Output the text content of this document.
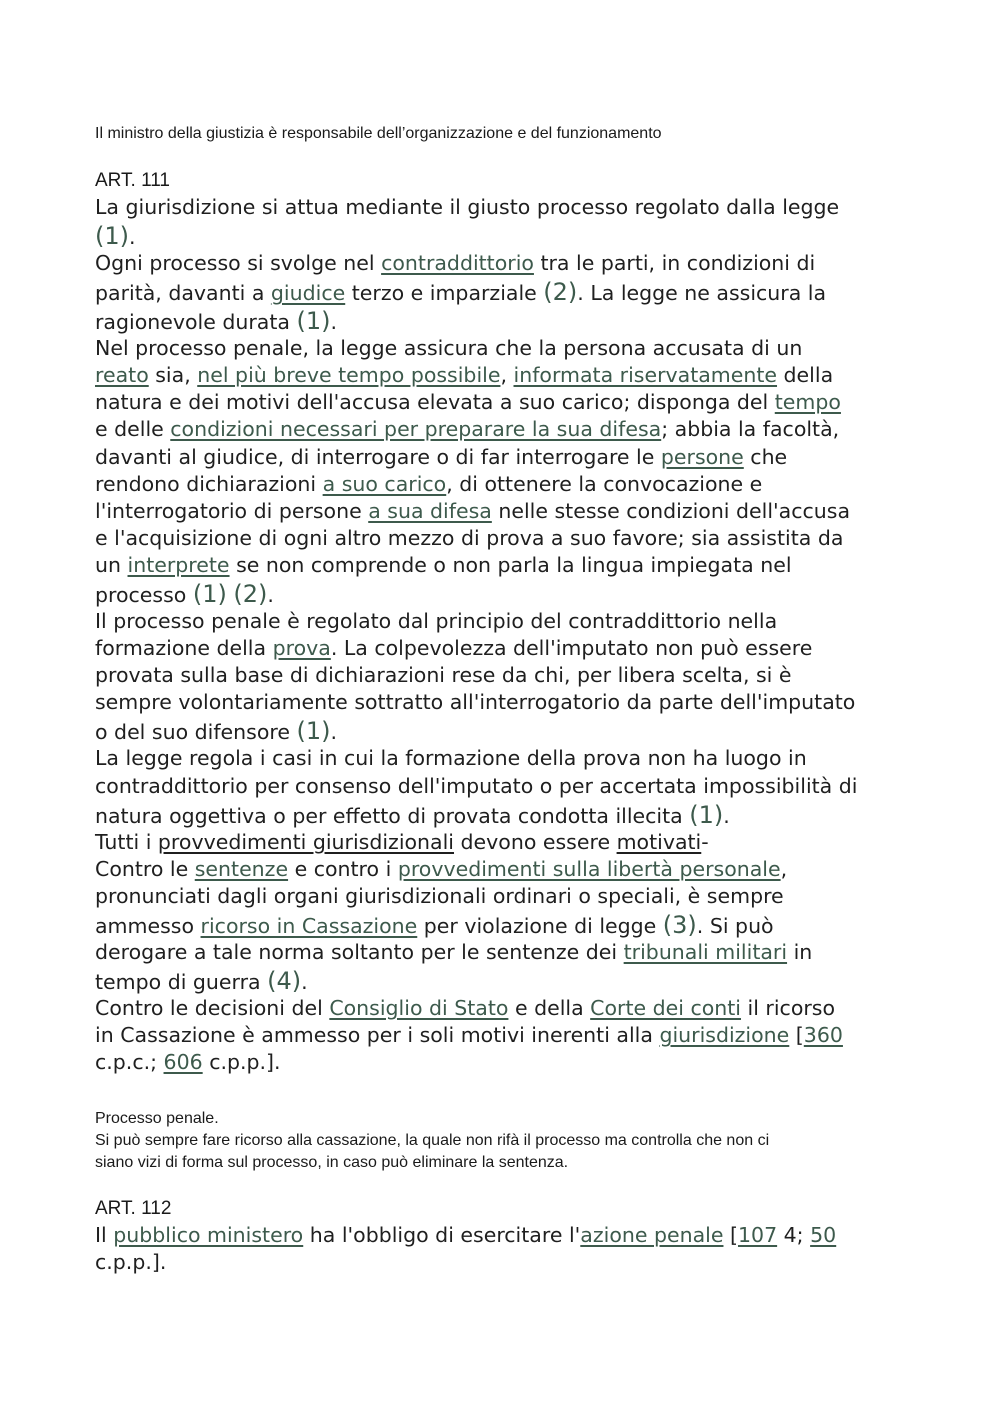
Il ministro della giustizia è responsabile dell’organizzazione e del funzionamento
ART. 111
La giurisdizione si attua mediante il giusto processo regolato dalla legge
(1).
Ogni processo si svolge nel contraddittorio tra le parti, in condizioni di
parità, davanti a giudice terzo e imparziale (2). La legge ne assicura la
ragionevole durata (1).
Nel processo penale, la legge assicura che la persona accusata di un
reato sia, nel più breve tempo possibile, informata riservatamente della
natura e dei motivi dell'accusa elevata a suo carico; disponga del tempo
e delle condizioni necessari per preparare la sua difesa; abbia la facoltà,
davanti al giudice, di interrogare o di far interrogare le persone che
rendono dichiarazioni a suo carico, di ottenere la convocazione e
l'interrogatorio di persone a sua difesa nelle stesse condizioni dell'accusa
e l'acquisizione di ogni altro mezzo di prova a suo favore; sia assistita da
un interprete se non comprende o non parla la lingua impiegata nel
processo (1) (2).
Il processo penale è regolato dal principio del contraddittorio nella
formazione della prova. La colpevolezza dell'imputato non può essere
provata sulla base di dichiarazioni rese da chi, per libera scelta, si è
sempre volontariamente sottratto all'interrogatorio da parte dell'imputato
o del suo difensore (1).
La legge regola i casi in cui la formazione della prova non ha luogo in
contraddittorio per consenso dell'imputato o per accertata impossibilità di
natura oggettiva o per effetto di provata condotta illecita (1).
Tutti i provvedimenti giurisdizionali devono essere motivati-
Contro le sentenze e contro i provvedimenti sulla libertà personale,
pronunciati dagli organi giurisdizionali ordinari o speciali, è sempre
ammesso ricorso in Cassazione per violazione di legge (3). Si può
derogare a tale norma soltanto per le sentenze dei tribunali militari in
tempo di guerra (4).
Contro le decisioni del Consiglio di Stato e della Corte dei conti il ricorso
in Cassazione è ammesso per i soli motivi inerenti alla giurisdizione [360
c.p.c.; 606 c.p.p.].
Processo penale.
Si può sempre fare ricorso alla cassazione, la quale non rifà il processo ma controlla che non ci
siano vizi di forma sul processo, in caso può eliminare la sentenza.
ART. 112
Il pubblico ministero ha l'obbligo di esercitare l'azione penale [107 4; 50
c.p.p.].
